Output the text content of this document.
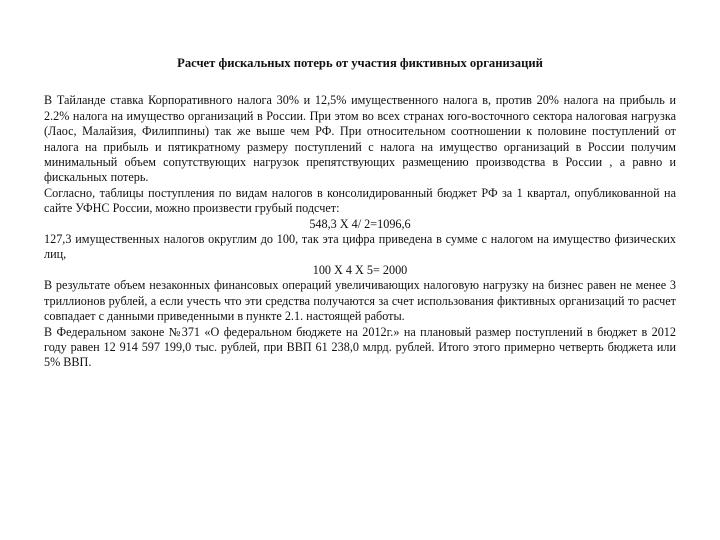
Расчет фискальных потерь от участия фиктивных организаций

В Тайланде ставка Корпоративного налога 30% и 12,5% имущественного налога в, против 20% налога на прибыль и 2.2% налога на имущество организаций в России. При этом во всех странах юго-восточного сектора налоговая нагрузка (Лаос, Малайзия, Филиппины) так же выше чем РФ. При относительном соотношении к половине поступлений от налога на прибыль и пятикратному размеру поступлений с налога на имущество организаций в России получим минимальный объем сопутствующих нагрузок препятствующих размещению производства в России , а равно и фискальных потерь.

Согласно, таблицы поступления по видам налогов в консолидированный бюджет РФ за 1 квартал, опубликованной на сайте УФНС России, можно произвести грубый подсчет:

548,3 Х 4/ 2=1096,6

127,3 имущественных налогов округлим до 100, так эта цифра приведена в сумме с налогом на имущество физических лиц,

100 Х 4 Х 5= 2000

В результате объем незаконных финансовых операций увеличивающих налоговую нагрузку на бизнес равен не менее 3 триллионов рублей, а если учесть что эти средства получаются за счет использования фиктивных организаций то расчет совпадает с данными приведенными в пункте 2.1. настоящей работы.

В Федеральном законе №371 «О федеральном бюджете на 2012г.» на плановый размер поступлений в бюджет в 2012 году равен 12 914 597 199,0 тыс. рублей, при ВВП 61 238,0 млрд. рублей. Итого этого примерно четверть бюджета или 5% ВВП.
